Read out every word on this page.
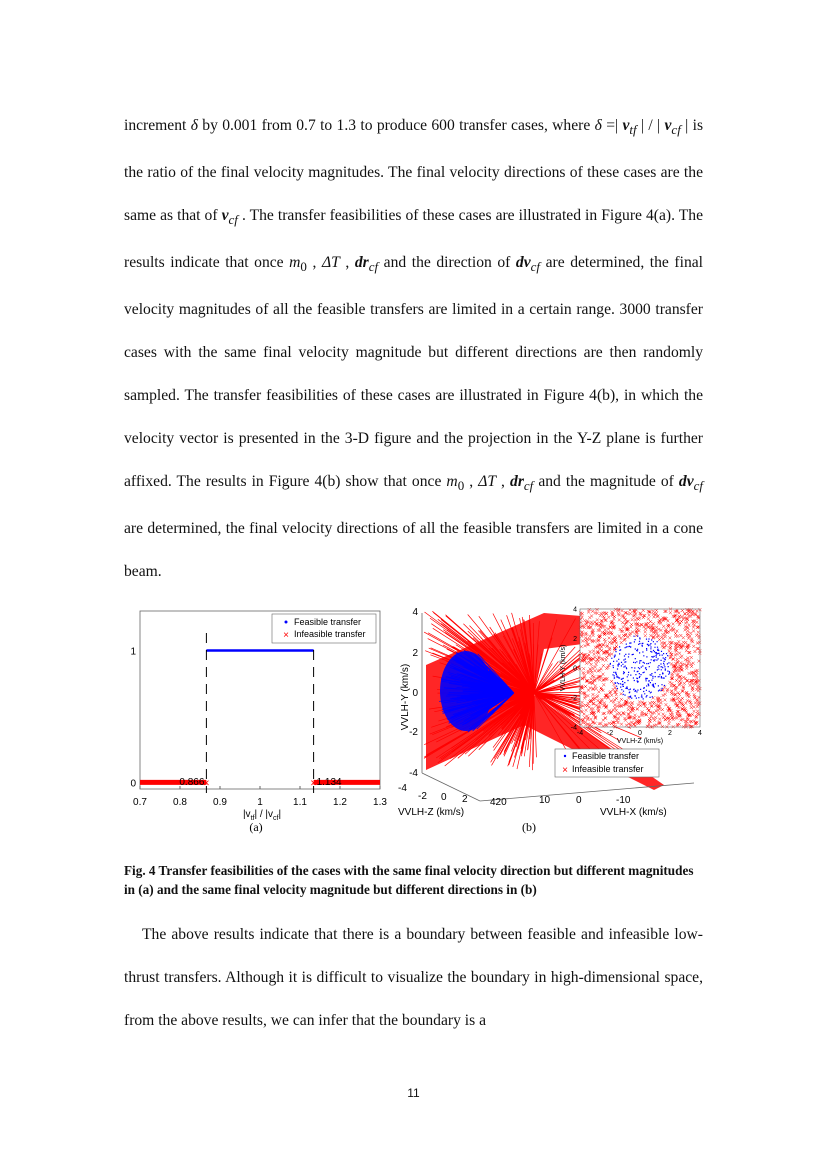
increment δ by 0.001 from 0.7 to 1.3 to produce 600 transfer cases, where δ =| $v_{tf}$ | / | $v_{cf}$ | is the ratio of the final velocity magnitudes. The final velocity directions of these cases are the same as that of $v_{cf}$ . The transfer feasibilities of these cases are illustrated in Figure 4(a). The results indicate that once $m_0$ , ΔT , $dr_{cf}$ and the direction of $dv_{cf}$ are determined, the final velocity magnitudes of all the feasible transfers are limited in a certain range. 3000 transfer cases with the same final velocity magnitude but different directions are then randomly sampled. The transfer feasibilities of these cases are illustrated in Figure 4(b), in which the velocity vector is presented in the 3-D figure and the projection in the Y-Z plane is further affixed. The results in Figure 4(b) show that once $m_0$ , ΔT , $dr_{cf}$ and the magnitude of $dv_{cf}$ are determined, the final velocity directions of all the feasible transfers are limited in a cone beam.

×	×
0.866	1.134
0.7	0.8	0.9	1	1.1	1.2	1.3
0
1
Feasible transfer
× Infeasible transfer
$|v_{tf}| / |v_{cf}|$
(a)
4
2
0
-2
-4
-4
-2 0 2 420	10	0	-10
VVLH-Y (km/s)
VVLH-Z (km/s)	VVLH-X (km/s)
-4	-2	0	2	4
4
2
0
-2
-4
VVLH-Y (km/s)
VVLH-Z (km/s)
Feasible transfer
× Infeasible transfer
(b)

Fig. 4 Transfer feasibilities of the cases with the same final velocity direction but different magnitudes in (a) and the same final velocity magnitude but different directions in (b)

The above results indicate that there is a boundary between feasible and infeasible low-thrust transfers. Although it is difficult to visualize the boundary in high-dimensional space, from the above results, we can infer that the boundary is a

11
